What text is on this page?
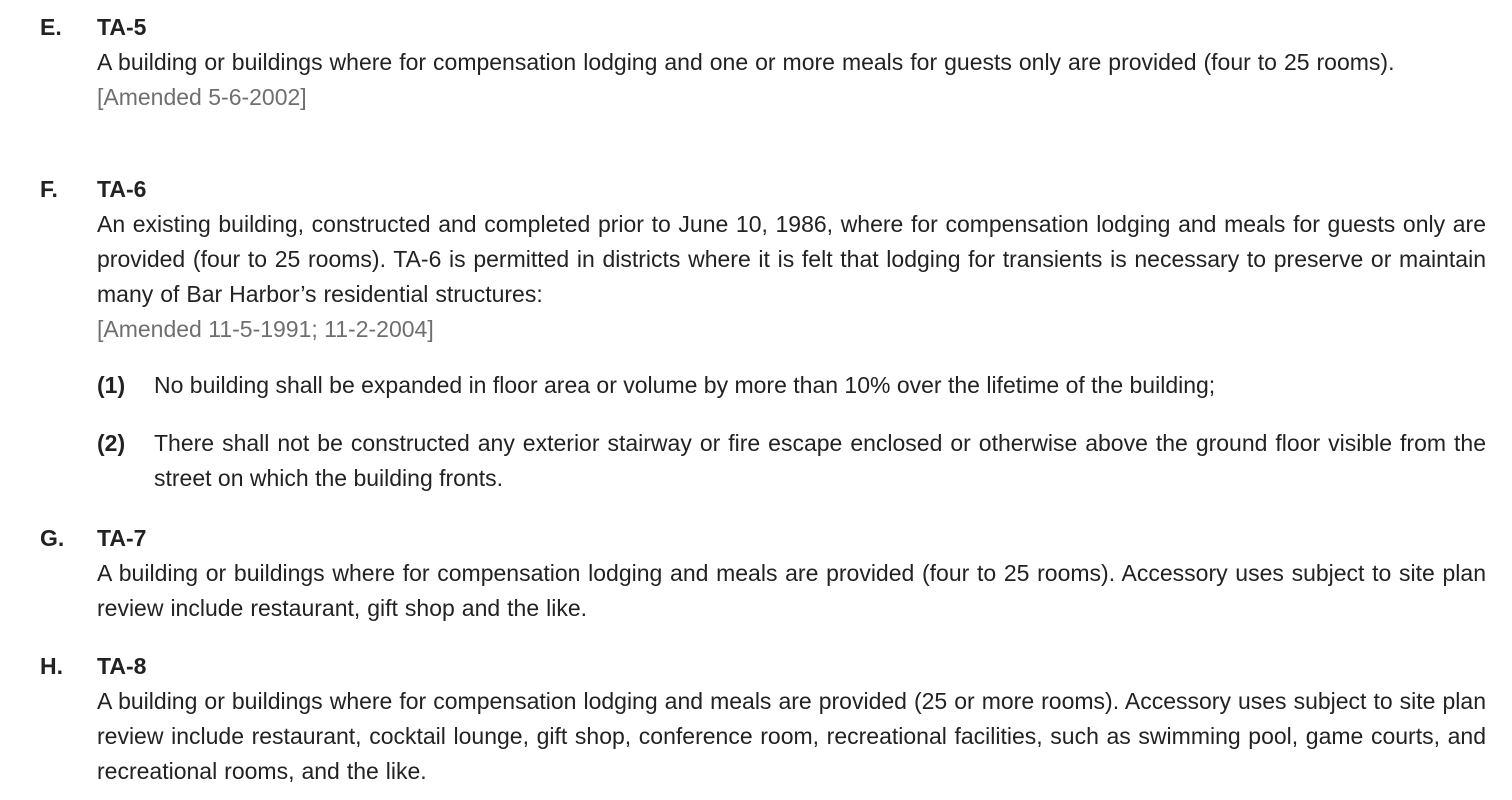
E. TA-5

A building or buildings where for compensation lodging and one or more meals for guests only are provided (four to 25 rooms).

[Amended 5-6-2002]

F. TA-6

An existing building, constructed and completed prior to June 10, 1986, where for compensation lodging and meals for guests only are provided (four to 25 rooms). TA-6 is permitted in districts where it is felt that lodging for transients is necessary to preserve or maintain many of Bar Harbor’s residential structures:

[Amended 11-5-1991; 11-2-2004]

(1) No building shall be expanded in floor area or volume by more than 10% over the lifetime of the building;
(2) There shall not be constructed any exterior stairway or fire escape enclosed or otherwise above the ground floor visible from the street on which the building fronts.
G. TA-7

A building or buildings where for compensation lodging and meals are provided (four to 25 rooms). Accessory uses subject to site plan review include restaurant, gift shop and the like.

H. TA-8

A building or buildings where for compensation lodging and meals are provided (25 or more rooms). Accessory uses subject to site plan review include restaurant, cocktail lounge, gift shop, conference room, recreational facilities, such as swimming pool, game courts, and recreational rooms, and the like.
